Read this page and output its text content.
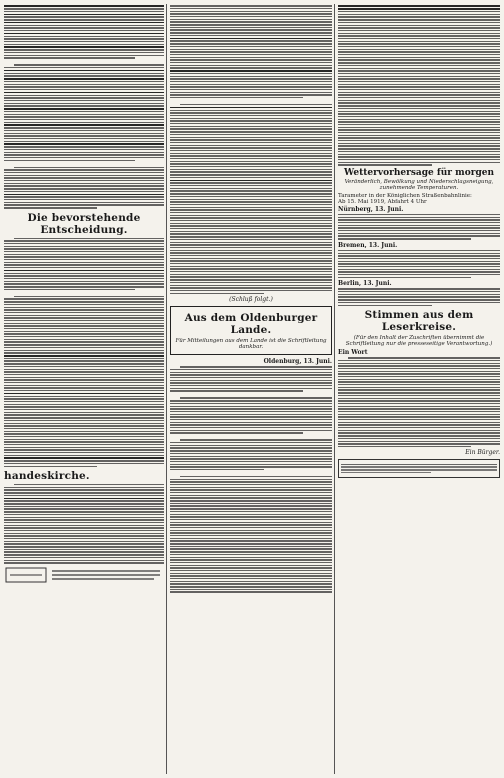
Die bevorstehende Entscheidung.
handeskirche.
(Schluß folgt.)
Aus dem Oldenburger Lande.
Für Mitteilungen aus dem Lande ist die Schriftleitung dankbar.
Oldenburg, 13. Juni.
Wettervorhersage für morgen
Veränderlich, Bewölkung und Niederschlagsneigung, zunehmende Temperaturen.
Tarameter in der Königlichen Straßenbahnlinie:
Ab 15. Mai 1919, Abfahrt 4 Uhr
Nürnberg, 13. Juni.
Bremen, 13. Juni.
Berlin, 13. Juni.
Stimmen aus dem Leserkreise.
(Für den Inhalt der Zuschriften übernimmt die Schriftleitung nur die presseseitige Verantwortung.)
Ein Wort
Ein Bürger.
